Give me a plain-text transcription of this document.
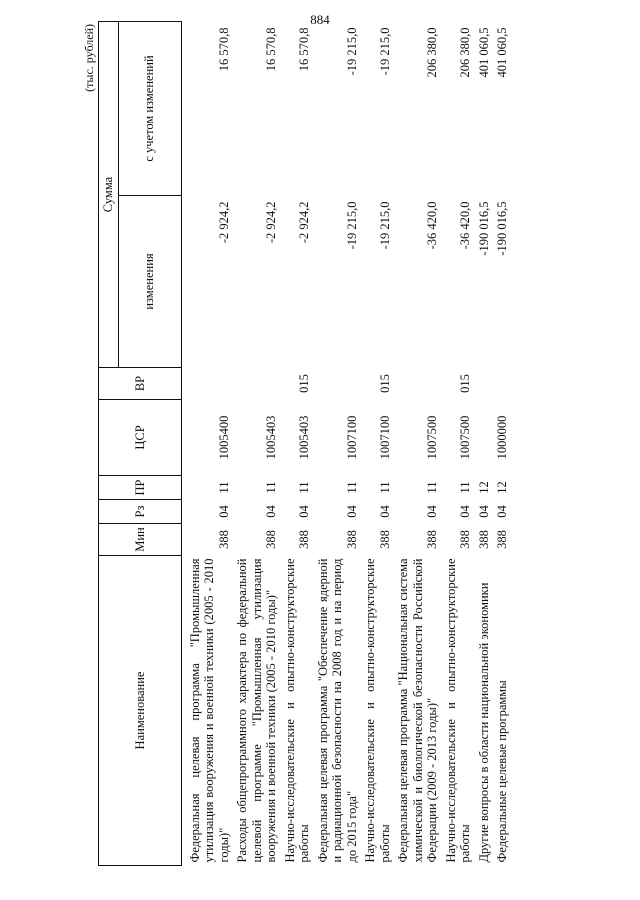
884
(тыс. рублей)
Наименование	Мин	Рз	ПР	ЦСР	ВР	Сумма	
						изменения	с учетом изменений
Федеральная целевая программа "Промышленная утилизация вооружения и военной техники (2005 - 2010 годы)"	388	04	11	1005400		-2 924,2	16 570,8
Расходы общепрограммного характера по федеральной целевой программе "Промышленная утилизация вооружения и военной техники (2005 - 2010 годы)"	388	04	11	1005403		-2 924,2	16 570,8
Научно-исследовательские и опытно-конструкторские работы	388	04	11	1005403	015	-2 924,2	16 570,8
Федеральная целевая программа "Обеспечение ядерной и радиационной безопасности на 2008 год и на период до 2015 года"	388	04	11	1007100		-19 215,0	-19 215,0
Научно-исследовательские и опытно-конструкторские работы	388	04	11	1007100	015	-19 215,0	-19 215,0
Федеральная целевая программа "Национальная система химической и биологической безопасности Российской Федерации (2009 - 2013 годы)"	388	04	11	1007500		-36 420,0	206 380,0
Научно-исследовательские и опытно-конструкторские работы	388	04	11	1007500	015	-36 420,0	206 380,0
Другие вопросы в области национальной экономики	388	04	12			-190 016,5	401 060,5
Федеральные целевые программы	388	04	12	1000000		-190 016,5	401 060,5
